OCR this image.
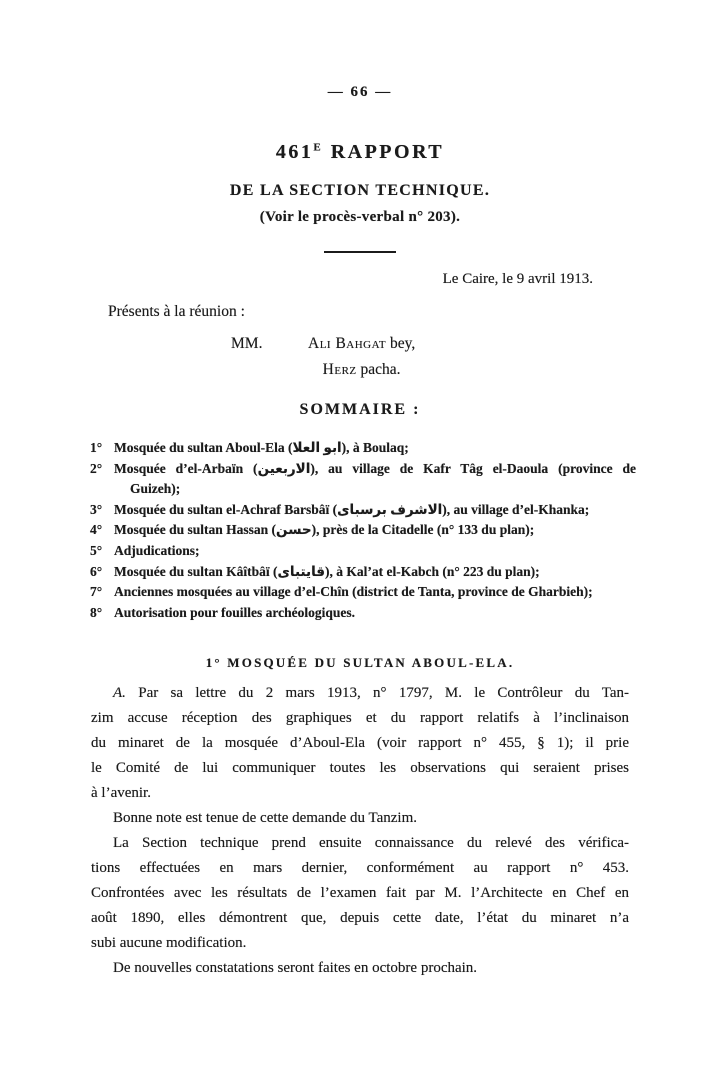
— 66 —
$461^E$ RAPPORT
DE LA SECTION TECHNIQUE.
(Voir le procès-verbal n° 203).
Le Caire, le 9 avril 1913.
Présents à la réunion :
MM.	Ali Bahgat bey,
Herz pacha.
SOMMAIRE :
1° Mosquée du sultan Aboul-Ela (ابو العلا), à Boulaq;
2° Mosquée d’el-Arbaïn (الاربعين), au village de Kafr Tâg el-Daoula (province de
Guizeh);
3° Mosquée du sultan el-Achraf Barsbâï (الاشرف برسباى), au village d’el-Khanka;
4° Mosquée du sultan Hassan (حسن), près de la Citadelle (n° 133 du plan);
5° Adjudications;
6° Mosquée du sultan Kâîtbâï (قايتباى), à Kal’at el-Kabch (n° 223 du plan);
7° Anciennes mosquées au village d’el-Chîn (district de Tanta, province de Gharbieh);
8° Autorisation pour fouilles archéologiques.
1° MOSQUÉE DU SULTAN ABOUL-ELA.
A. Par sa lettre du 2 mars 1913, n° 1797, M. le Contrôleur du Tan-
zim accuse réception des graphiques et du rapport relatifs à l’inclinaison
du minaret de la mosquée d’Aboul-Ela (voir rapport n° 455, § 1); il prie
le Comité de lui communiquer toutes les observations qui seraient prises
à l’avenir.
Bonne note est tenue de cette demande du Tanzim.
La Section technique prend ensuite connaissance du relevé des vérifica-
tions effectuées en mars dernier, conformément au rapport n° 453.
Confrontées avec les résultats de l’examen fait par M. l’Architecte en Chef en
août 1890, elles démontrent que, depuis cette date, l’état du minaret n’a
subi aucune modification.
De nouvelles constatations seront faites en octobre prochain.
